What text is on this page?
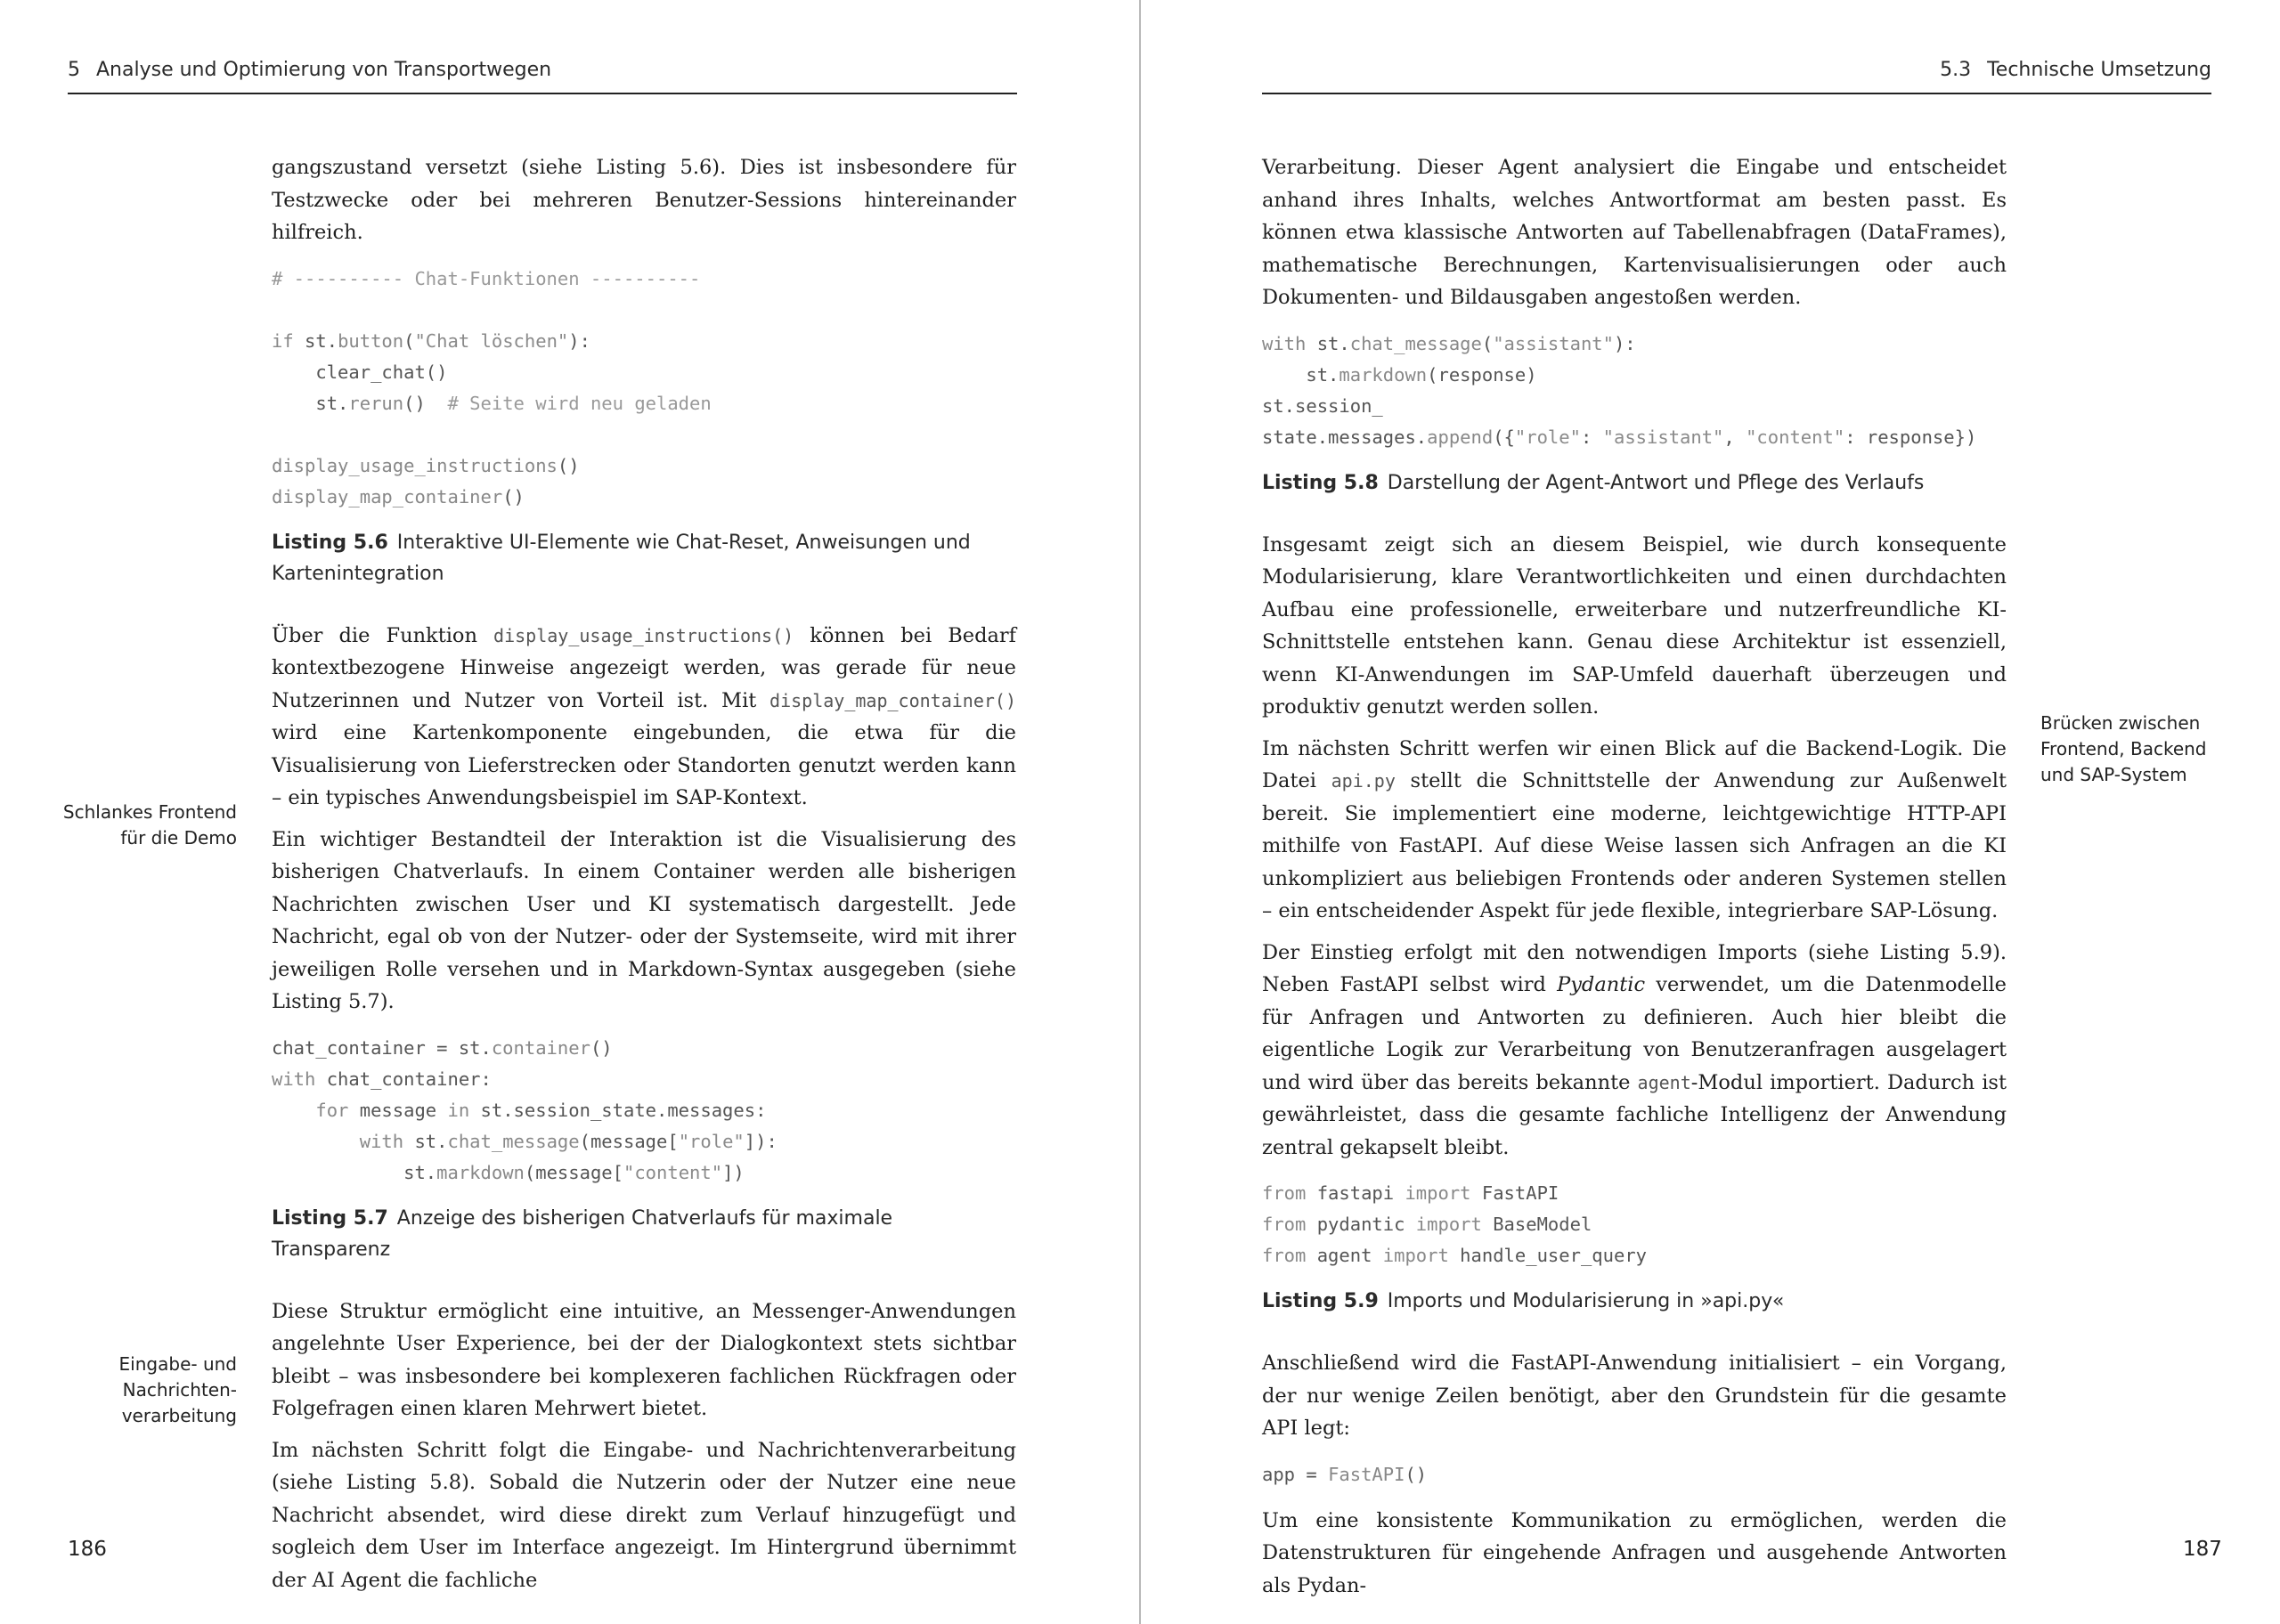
5 Analyse und Optimierung von Transportwegen
Schlankes Frontend für die Demo
Eingabe- und Nachrichtenverarbeitung

gangszustand versetzt (siehe Listing 5.6). Dies ist insbesondere für Testzwecke oder bei mehreren Benutzer-Sessions hintereinander hilfreich.

# ---------- Chat-Funktionen ----------

if st.button("Chat löschen"):
clear_chat()
st.rerun()  # Seite wird neu geladen

display_usage_instructions()
display_map_container()
Listing 5.6 Interaktive UI-Elemente wie Chat-Reset, Anweisungen und Kartenintegration

Über die Funktion display_usage_instructions() können bei Bedarf kontextbezogene Hinweise angezeigt werden, was gerade für neue Nutzerinnen und Nutzer von Vorteil ist. Mit display_map_container() wird eine Kartenkomponente eingebunden, die etwa für die Visualisierung von Lieferstrecken oder Standorten genutzt werden kann – ein typisches Anwendungsbeispiel im SAP-Kontext.

Ein wichtiger Bestandteil der Interaktion ist die Visualisierung des bisherigen Chatverlaufs. In einem Container werden alle bisherigen Nachrichten zwischen User und KI systematisch dargestellt. Jede Nachricht, egal ob von der Nutzer- oder der Systemseite, wird mit ihrer jeweiligen Rolle versehen und in Markdown-Syntax ausgegeben (siehe Listing 5.7).

chat_container = st.container()
with chat_container:
for message in st.session_state.messages:
with st.chat_message(message["role"]):
st.markdown(message["content"])
Listing 5.7 Anzeige des bisherigen Chatverlaufs für maximale Transparenz

Diese Struktur ermöglicht eine intuitive, an Messenger-Anwendungen angelehnte User Experience, bei der der Dialogkontext stets sichtbar bleibt – was insbesondere bei komplexeren fachlichen Rückfragen oder Folgefragen einen klaren Mehrwert bietet.

Im nächsten Schritt folgt die Eingabe- und Nachrichtenverarbeitung (siehe Listing 5.8). Sobald die Nutzerin oder der Nutzer eine neue Nachricht absendet, wird diese direkt zum Verlauf hinzugefügt und sogleich dem User im Interface angezeigt. Im Hintergrund übernimmt der AI Agent die fachliche

186
5.3 Technische Umsetzung
Brücken zwischen Frontend, Backend und SAP-System

Verarbeitung. Dieser Agent analysiert die Eingabe und entscheidet anhand ihres Inhalts, welches Antwortformat am besten passt. Es können etwa klassische Antworten auf Tabellenabfragen (DataFrames), mathematische Berechnungen, Kartenvisualisierungen oder auch Dokumenten- und Bildausgaben angestoßen werden.

with st.chat_message("assistant"):
st.markdown(response)
st.session_
state.messages.append({"role": "assistant", "content": response})
Listing 5.8 Darstellung der Agent-Antwort und Pflege des Verlaufs

Insgesamt zeigt sich an diesem Beispiel, wie durch konsequente Modularisierung, klare Verantwortlichkeiten und einen durchdachten Aufbau eine professionelle, erweiterbare und nutzerfreundliche KI-Schnittstelle entstehen kann. Genau diese Architektur ist essenziell, wenn KI-Anwendungen im SAP-Umfeld dauerhaft überzeugen und produktiv genutzt werden sollen.

Im nächsten Schritt werfen wir einen Blick auf die Backend-Logik. Die Datei api.py stellt die Schnittstelle der Anwendung zur Außenwelt bereit. Sie implementiert eine moderne, leichtgewichtige HTTP-API mithilfe von FastAPI. Auf diese Weise lassen sich Anfragen an die KI unkompliziert aus beliebigen Frontends oder anderen Systemen stellen – ein entscheidender Aspekt für jede flexible, integrierbare SAP-Lösung.

Der Einstieg erfolgt mit den notwendigen Imports (siehe Listing 5.9). Neben FastAPI selbst wird Pydantic verwendet, um die Datenmodelle für Anfragen und Antworten zu definieren. Auch hier bleibt die eigentliche Logik zur Verarbeitung von Benutzeranfragen ausgelagert und wird über das bereits bekannte agent-Modul importiert. Dadurch ist gewährleistet, dass die gesamte fachliche Intelligenz der Anwendung zentral gekapselt bleibt.

from fastapi import FastAPI
from pydantic import BaseModel
from agent import handle_user_query
Listing 5.9 Imports und Modularisierung in »api.py«

Anschließend wird die FastAPI-Anwendung initialisiert – ein Vorgang, der nur wenige Zeilen benötigt, aber den Grundstein für die gesamte API legt:

app = FastAPI()

Um eine konsistente Kommunikation zu ermöglichen, werden die Datenstrukturen für eingehende Anfragen und ausgehende Antworten als Pydan-

187
